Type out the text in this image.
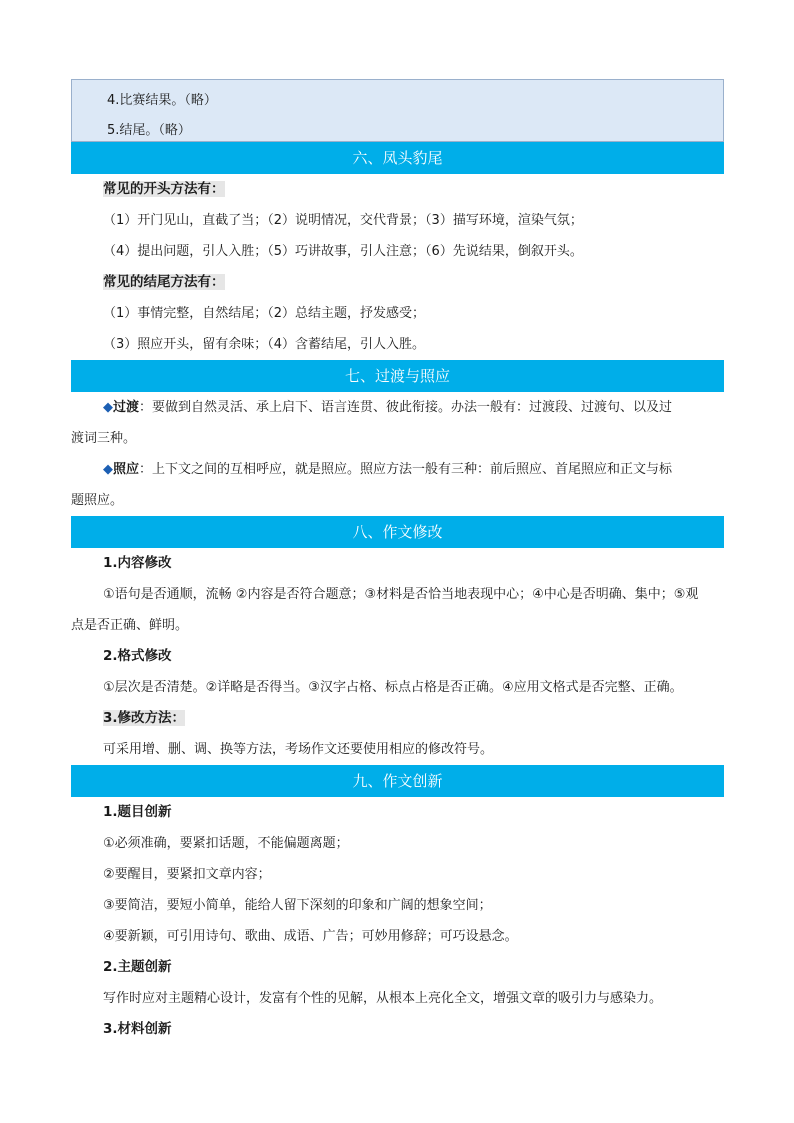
4.比赛结果。（略）
5.结尾。（略）
六、凤头豹尾
常见的开头方法有：
（1）开门见山，直截了当；（2）说明情况，交代背景；（3）描写环境，渲染气氛；
（4）提出问题，引人入胜；（5）巧讲故事，引人注意；（6）先说结果，倒叙开头。
常见的结尾方法有：
（1）事情完整，自然结尾；（2）总结主题，抒发感受；
（3）照应开头，留有余味；（4）含蓄结尾，引人入胜。
七、过渡与照应
◆过渡：要做到自然灵活、承上启下、语言连贯、彼此衔接。办法一般有：过渡段、过渡句、以及过
渡词三种。
◆照应：上下文之间的互相呼应，就是照应。照应方法一般有三种：前后照应、首尾照应和正文与标
题照应。
八、作文修改
1.内容修改
①语句是否通顺，流畅 ②内容是否符合题意；③材料是否恰当地表现中心；④中心是否明确、集中；⑤观
点是否正确、鲜明。
2.格式修改
①层次是否清楚。②详略是否得当。③汉字占格、标点占格是否正确。④应用文格式是否完整、正确。
3.修改方法：
可采用增、删、调、换等方法，考场作文还要使用相应的修改符号。
九、作文创新
1.题目创新
①必须准确，要紧扣话题，不能偏题离题；
②要醒目，要紧扣文章内容；
③要简洁，要短小简单，能给人留下深刻的印象和广阔的想象空间；
④要新颖，可引用诗句、歌曲、成语、广告；可妙用修辞；可巧设悬念。
2.主题创新
写作时应对主题精心设计，发富有个性的见解，从根本上亮化全文，增强文章的吸引力与感染力。
3.材料创新
